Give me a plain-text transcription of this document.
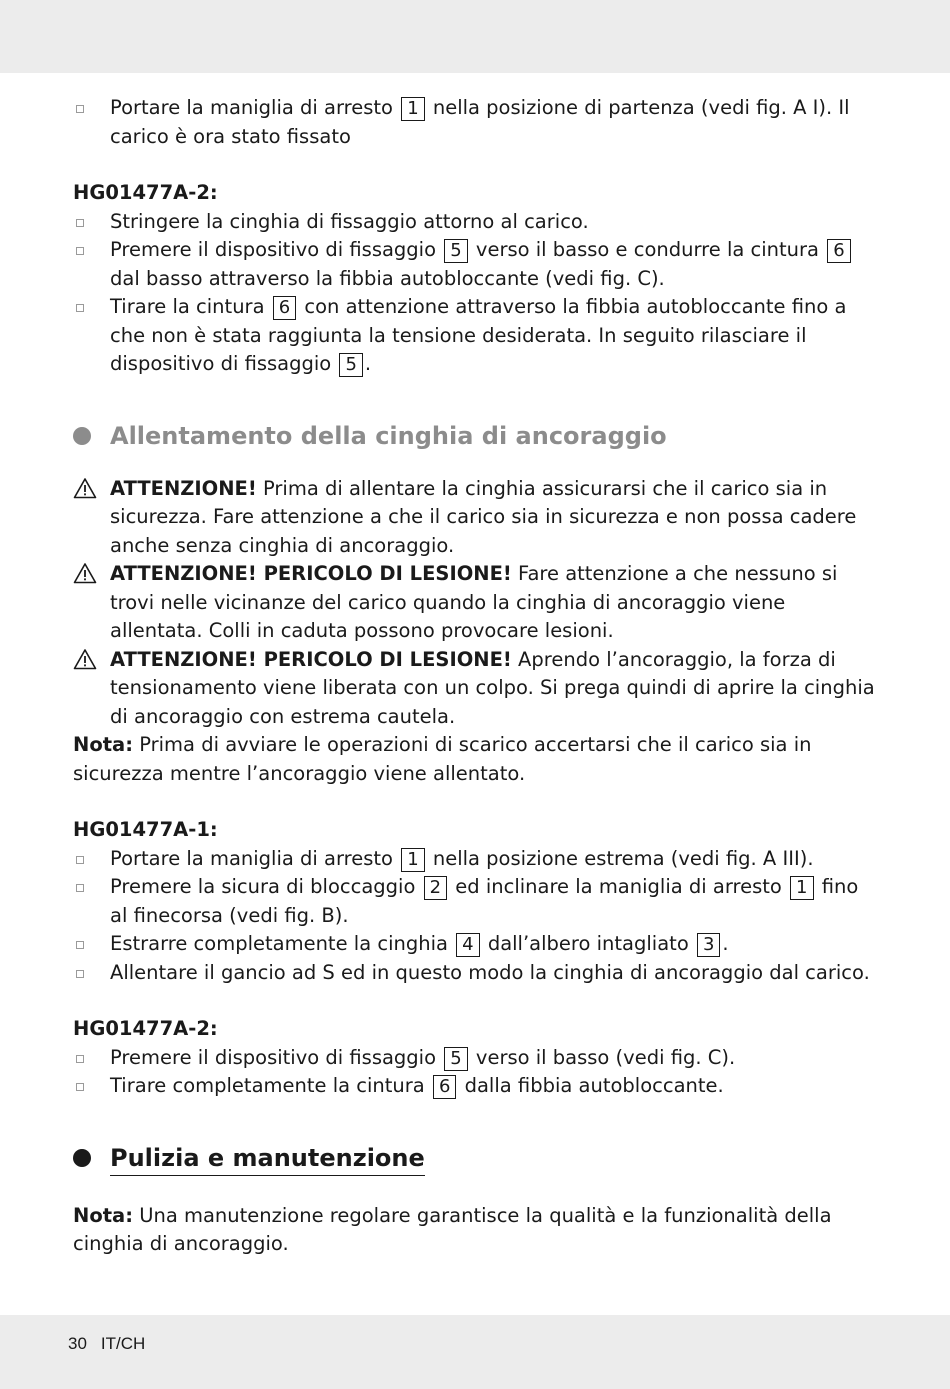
Portare la maniglia di arresto 1 nella posizione di partenza (vedi fig. A I). Il carico è ora stato fissato

HG01477A-2:

Stringere la cinghia di fissaggio attorno al carico.

Premere il dispositivo di fissaggio 5 verso il basso e condurre la cintura 6 dal basso attraverso la fibbia autobloccante (vedi fig. C).

Tirare la cintura 6 con attenzione attraverso la fibbia autobloccante fino a che non è stata raggiunta la tensione desiderata. In seguito rilasciare il dispositivo di fissaggio 5 .

Allentamento della cinghia di ancoraggio

ATTENZIONE! Prima di allentare la cinghia assicurarsi che il carico sia in sicurezza. Fare attenzione a che il carico sia in sicurezza e non possa cadere anche senza cinghia di ancoraggio.

ATTENZIONE! PERICOLO DI LESIONE! Fare attenzione a che nessuno si trovi nelle vicinanze del carico quando la cinghia di ancoraggio viene allentata. Colli in caduta possono provocare lesioni.

ATTENZIONE! PERICOLO DI LESIONE! Aprendo l’ancoraggio, la forza di tensionamento viene liberata con un colpo. Si prega quindi di aprire la cinghia di ancoraggio con estrema cautela.

Nota: Prima di avviare le operazioni di scarico accertarsi che il carico sia in sicurezza mentre l’ancoraggio viene allentato.

HG01477A-1:

Portare la maniglia di arresto 1 nella posizione estrema (vedi fig. A III).

Premere la sicura di bloccaggio 2 ed inclinare la maniglia di arresto 1 fino al finecorsa (vedi fig. B).

Estrarre completamente la cinghia 4 dall’albero intagliato 3 .

Allentare il gancio ad S ed in questo modo la cinghia di ancoraggio dal carico.

HG01477A-2:

Premere il dispositivo di fissaggio 5 verso il basso (vedi fig. C).

Tirare completamente la cintura 6 dalla fibbia autobloccante.

Pulizia e manutenzione

Nota: Una manutenzione regolare garantisce la qualità e la funzionalità della cinghia di ancoraggio.

30 IT/CH
